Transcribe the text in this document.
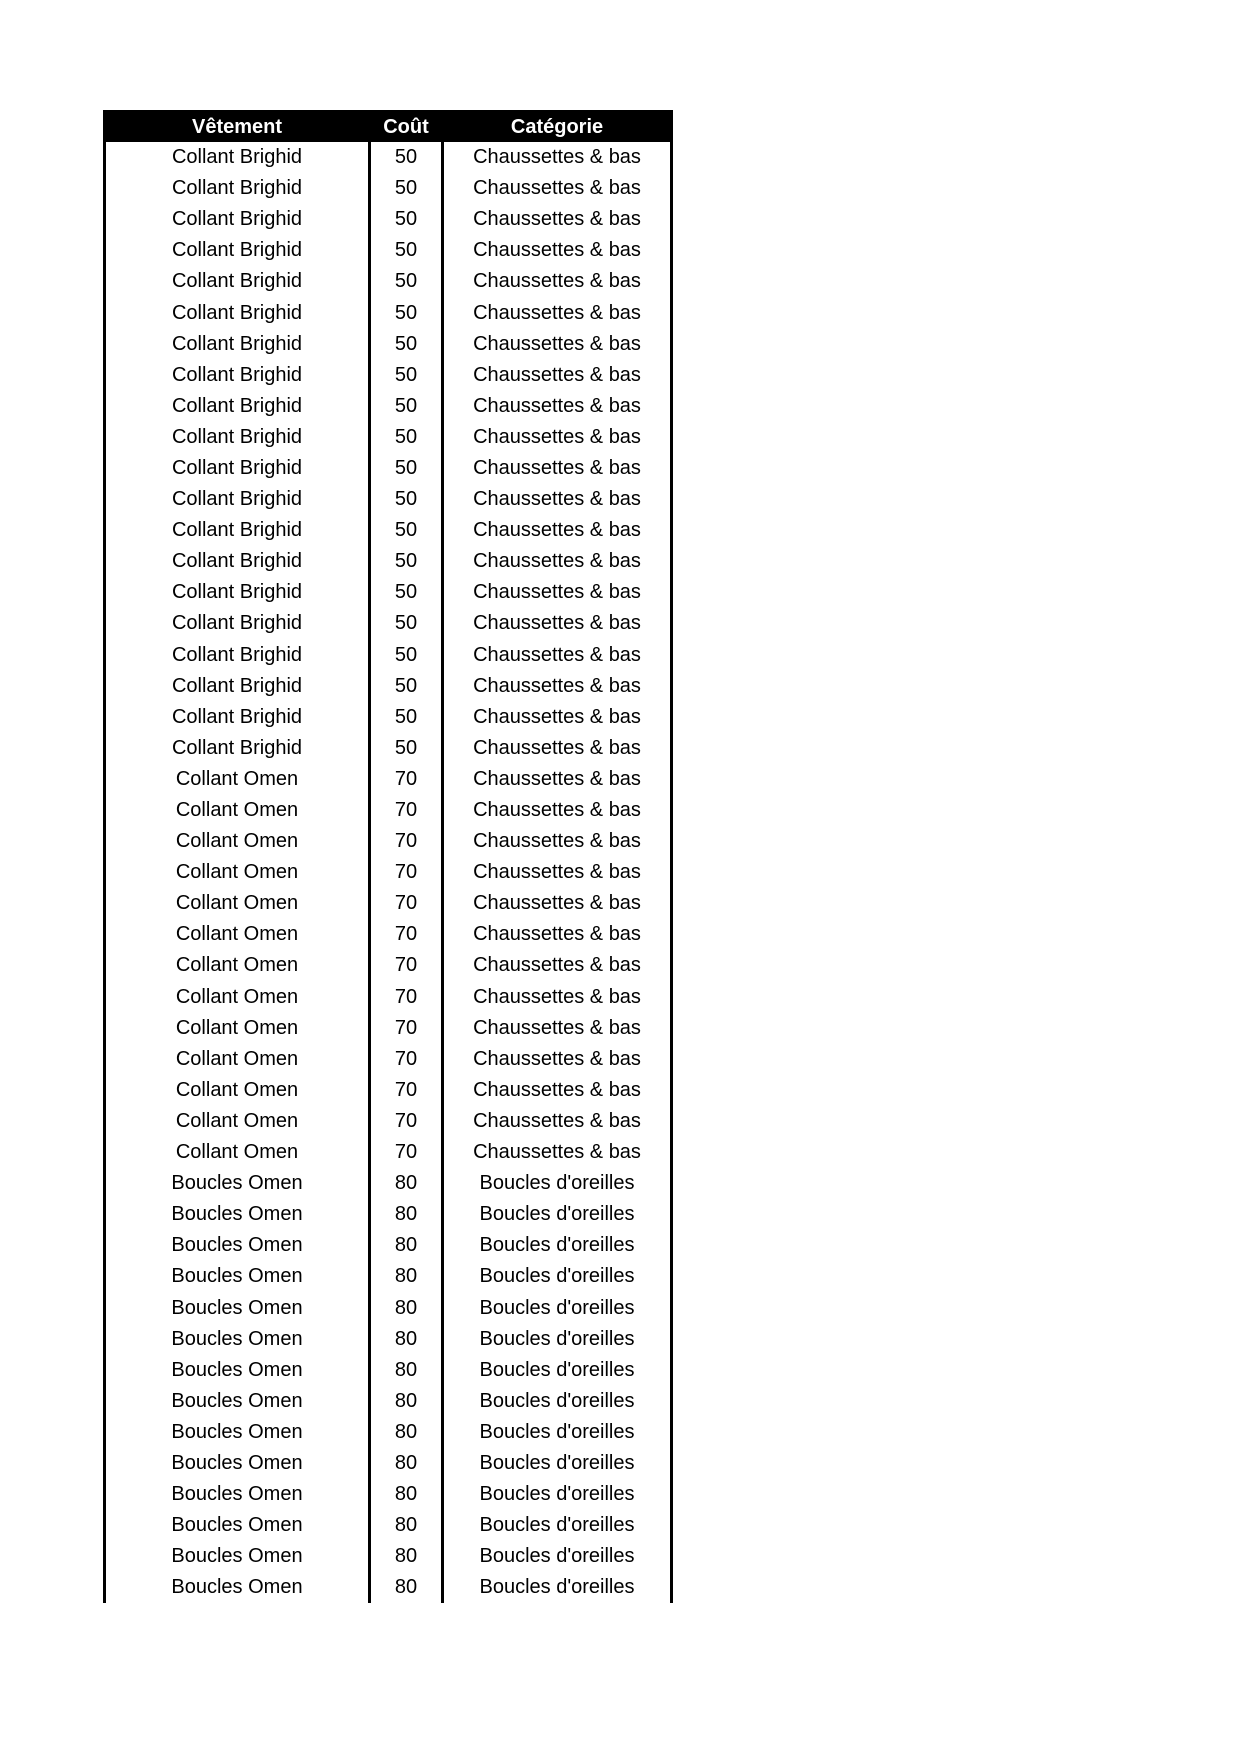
Vêtement	Coût	Catégorie
Collant Brighid	50	Chaussettes & bas
Collant Brighid	50	Chaussettes & bas
Collant Brighid	50	Chaussettes & bas
Collant Brighid	50	Chaussettes & bas
Collant Brighid	50	Chaussettes & bas
Collant Brighid	50	Chaussettes & bas
Collant Brighid	50	Chaussettes & bas
Collant Brighid	50	Chaussettes & bas
Collant Brighid	50	Chaussettes & bas
Collant Brighid	50	Chaussettes & bas
Collant Brighid	50	Chaussettes & bas
Collant Brighid	50	Chaussettes & bas
Collant Brighid	50	Chaussettes & bas
Collant Brighid	50	Chaussettes & bas
Collant Brighid	50	Chaussettes & bas
Collant Brighid	50	Chaussettes & bas
Collant Brighid	50	Chaussettes & bas
Collant Brighid	50	Chaussettes & bas
Collant Brighid	50	Chaussettes & bas
Collant Brighid	50	Chaussettes & bas
Collant Omen	70	Chaussettes & bas
Collant Omen	70	Chaussettes & bas
Collant Omen	70	Chaussettes & bas
Collant Omen	70	Chaussettes & bas
Collant Omen	70	Chaussettes & bas
Collant Omen	70	Chaussettes & bas
Collant Omen	70	Chaussettes & bas
Collant Omen	70	Chaussettes & bas
Collant Omen	70	Chaussettes & bas
Collant Omen	70	Chaussettes & bas
Collant Omen	70	Chaussettes & bas
Collant Omen	70	Chaussettes & bas
Collant Omen	70	Chaussettes & bas
Boucles Omen	80	Boucles d'oreilles
Boucles Omen	80	Boucles d'oreilles
Boucles Omen	80	Boucles d'oreilles
Boucles Omen	80	Boucles d'oreilles
Boucles Omen	80	Boucles d'oreilles
Boucles Omen	80	Boucles d'oreilles
Boucles Omen	80	Boucles d'oreilles
Boucles Omen	80	Boucles d'oreilles
Boucles Omen	80	Boucles d'oreilles
Boucles Omen	80	Boucles d'oreilles
Boucles Omen	80	Boucles d'oreilles
Boucles Omen	80	Boucles d'oreilles
Boucles Omen	80	Boucles d'oreilles
Boucles Omen	80	Boucles d'oreilles
